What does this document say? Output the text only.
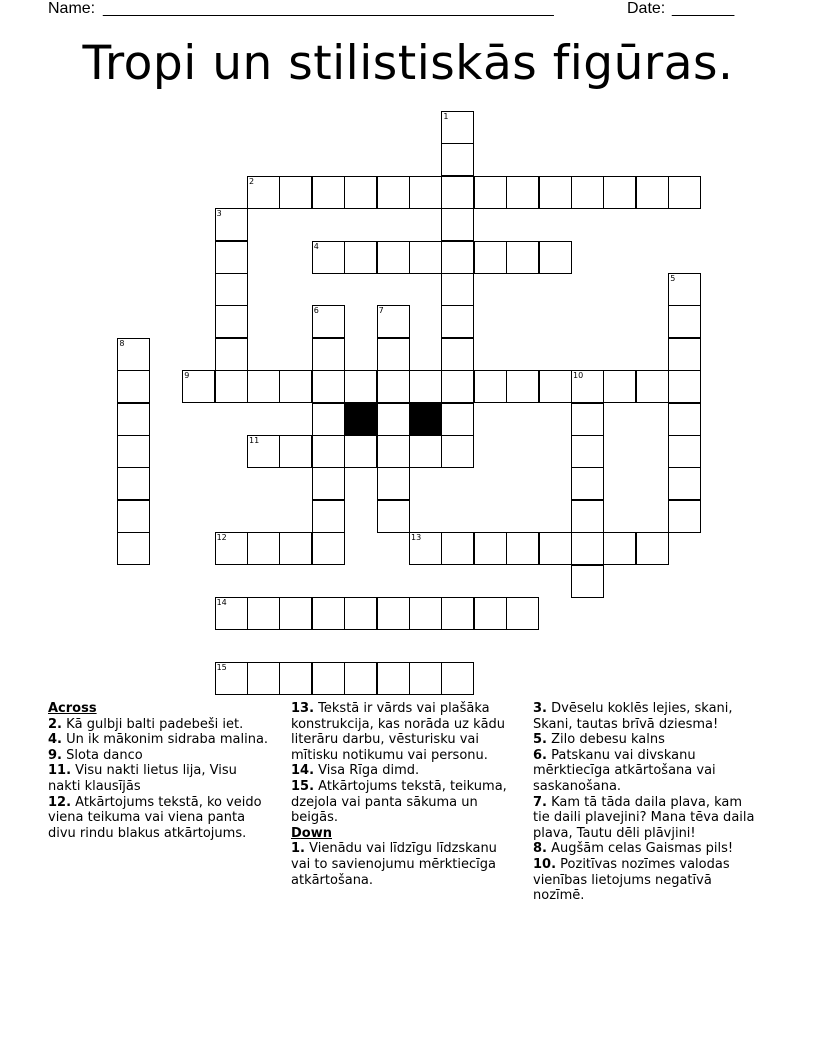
Name: _____________________________________________________	Date: _______
Tropi un stilistiskās figūras.
1
2
3
4
5
6	7
8
9	10
11
12	13
14
15
Across
2. Kā gulbji balti padebeši iet.
4. Un ik mākonim sidraba malina.
9. Slota danco
11. Visu nakti lietus lija, Visu nakti klausījās
12. Atkārtojums tekstā, ko veido viena teikuma vai viena panta divu rindu blakus atkārtojums.
13. Tekstā ir vārds vai plašāka konstrukcija, kas norāda uz kādu literāru darbu, vēsturisku vai mītisku notikumu vai personu.
14. Visa Rīga dimd.
15. Atkārtojums tekstā, teikuma, dzejola vai panta sākuma un beigās.
Down
1. Vienādu vai līdzīgu līdzskanu vai to savienojumu mērktiecīga atkārtošana.
3. Dvēselu koklēs lejies, skani, Skani, tautas brīvā dziesma!
5. Zilo debesu kalns
6. Patskanu vai divskanu mērktiecīga atkārtošana vai saskanošana.
7. Kam tā tāda daila plava, kam tie daili plavejini? Mana tēva daila plava, Tautu dēli plāvjini!
8. Augšām celas Gaismas pils!
10. Pozitīvas nozīmes valodas vienības lietojums negatīvā nozīmē.
